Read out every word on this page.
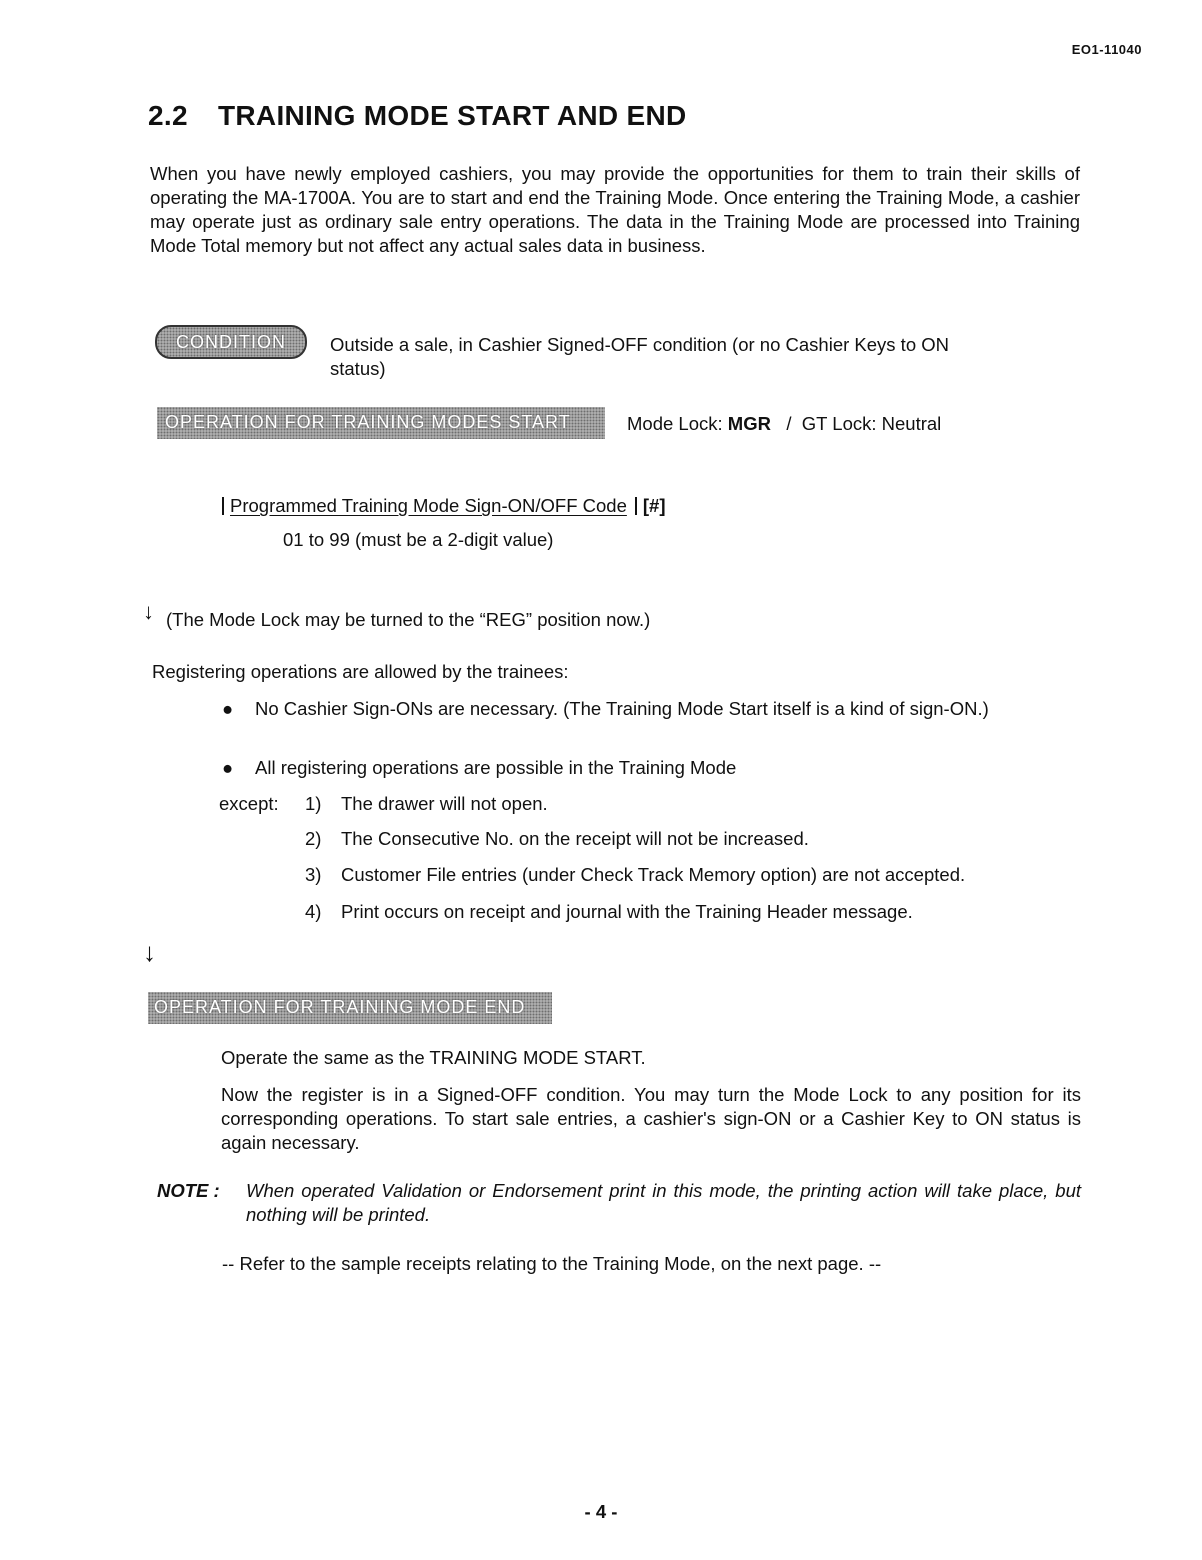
EO1-11040
2.2 TRAINING MODE START AND END
When you have newly employed cashiers, you may provide the opportunities for them to train their skills of operating the MA-1700A. You are to start and end the Training Mode. Once entering the Training Mode, a cashier may operate just as ordinary sale entry operations. The data in the Training Mode are processed into Training Mode Total memory but not affect any actual sales data in business.
CONDITION	Outside a sale, in Cashier Signed-OFF condition (or no Cashier Keys to ON status)
OPERATION FOR TRAINING MODES START	Mode Lock: MGR / GT Lock: Neutral
Programmed Training Mode Sign-ON/OFF Code [#]
01 to 99 (must be a 2-digit value)
↓ (The Mode Lock may be turned to the “REG” position now.)
Registering operations are allowed by the trainees:
● No Cashier Sign-ONs are necessary. (The Training Mode Start itself is a kind of sign-ON.)
● All registering operations are possible in the Training Mode
except: 1) The drawer will not open.
2) The Consecutive No. on the receipt will not be increased.
3) Customer File entries (under Check Track Memory option) are not accepted.
4) Print occurs on receipt and journal with the Training Header message.
↓
OPERATION FOR TRAINING MODE END
Operate the same as the TRAINING MODE START.
Now the register is in a Signed-OFF condition. You may turn the Mode Lock to any position for its corresponding operations. To start sale entries, a cashier's sign-ON or a Cashier Key to ON status is again necessary.
NOTE : When operated Validation or Endorsement print in this mode, the printing action will take place, but nothing will be printed.
-- Refer to the sample receipts relating to the Training Mode, on the next page. --
- 4 -
